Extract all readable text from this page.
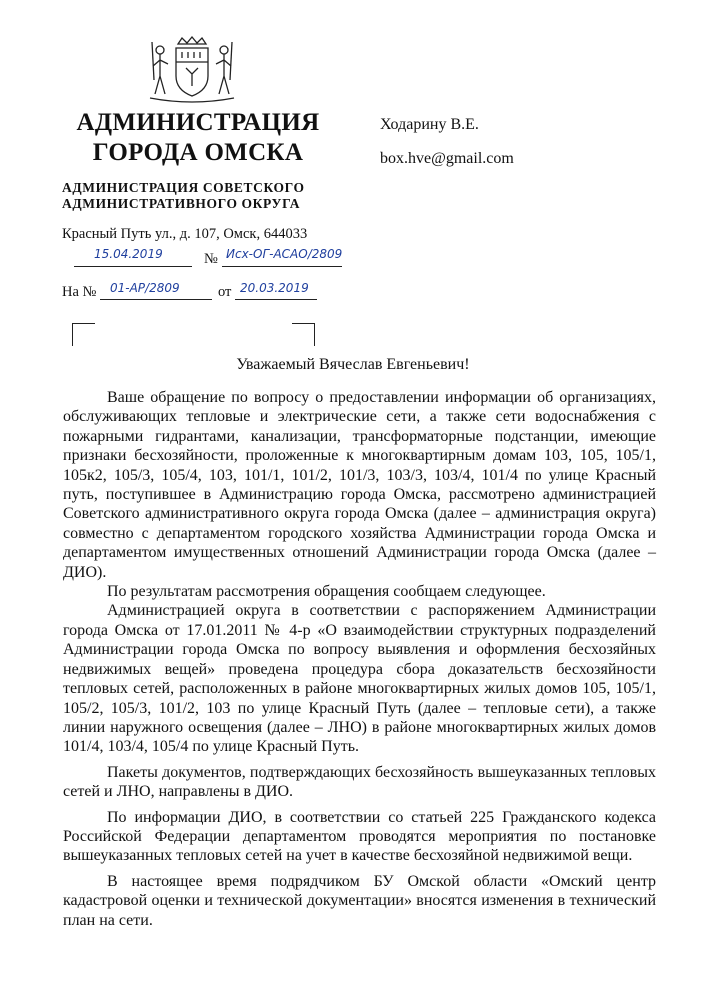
АДМИНИСТРАЦИЯ
ГОРОДА ОМСКА
АДМИНИСТРАЦИЯ СОВЕТСКОГО
АДМИНИСТРАТИВНОГО ОКРУГА
Красный Путь ул., д. 107, Омск, 644033
15.04.2019	№ Исх-ОГ-АСАО/2809
На № 01-АР/2809	от 20.03.2019
Ходарину В.Е.
box.hve@gmail.com
Уважаемый Вячеслав Евгеньевич!

Ваше обращение по вопросу о предоставлении информации об организациях, обслуживающих тепловые и электрические сети, а также сети водоснабжения с пожарными гидрантами, канализации, трансформаторные подстанции, имеющие признаки бесхозяйности, проложенные к многоквартирным домам 103, 105, 105/1, 105к2, 105/3, 105/4, 103, 101/1, 101/2, 101/3, 103/3, 103/4, 101/4 по улице Красный путь, поступившее в Администрацию города Омска, рассмотрено администрацией Советского административного округа города Омска (далее – администрация округа) совместно с департаментом городского хозяйства Администрации города Омска и департаментом имущественных отношений Администрации города Омска (далее – ДИО).

По результатам рассмотрения обращения сообщаем следующее.

Администрацией округа в соответствии с распоряжением Администрации города Омска от 17.01.2011 № 4-р «О взаимодействии структурных подразделений Администрации города Омска по вопросу выявления и оформления бесхозяйных недвижимых вещей» проведена процедура сбора доказательств бесхозяйности тепловых сетей, расположенных в районе многоквартирных жилых домов 105, 105/1, 105/2, 105/3, 101/2, 103 по улице Красный Путь (далее – тепловые сети), а также линии наружного освещения (далее – ЛНО) в районе многоквартирных жилых домов 101/4, 103/4, 105/4 по улице Красный Путь.

Пакеты документов, подтверждающих бесхозяйность вышеуказанных тепловых сетей и ЛНО, направлены в ДИО.

По информации ДИО, в соответствии со статьей 225 Гражданского кодекса Российской Федерации департаментом проводятся мероприятия по постановке вышеуказанных тепловых сетей на учет в качестве бесхозяйной недвижимой вещи.

В настоящее время подрядчиком БУ Омской области «Омский центр кадастровой оценки и технической документации» вносятся изменения в технический план на сети.
